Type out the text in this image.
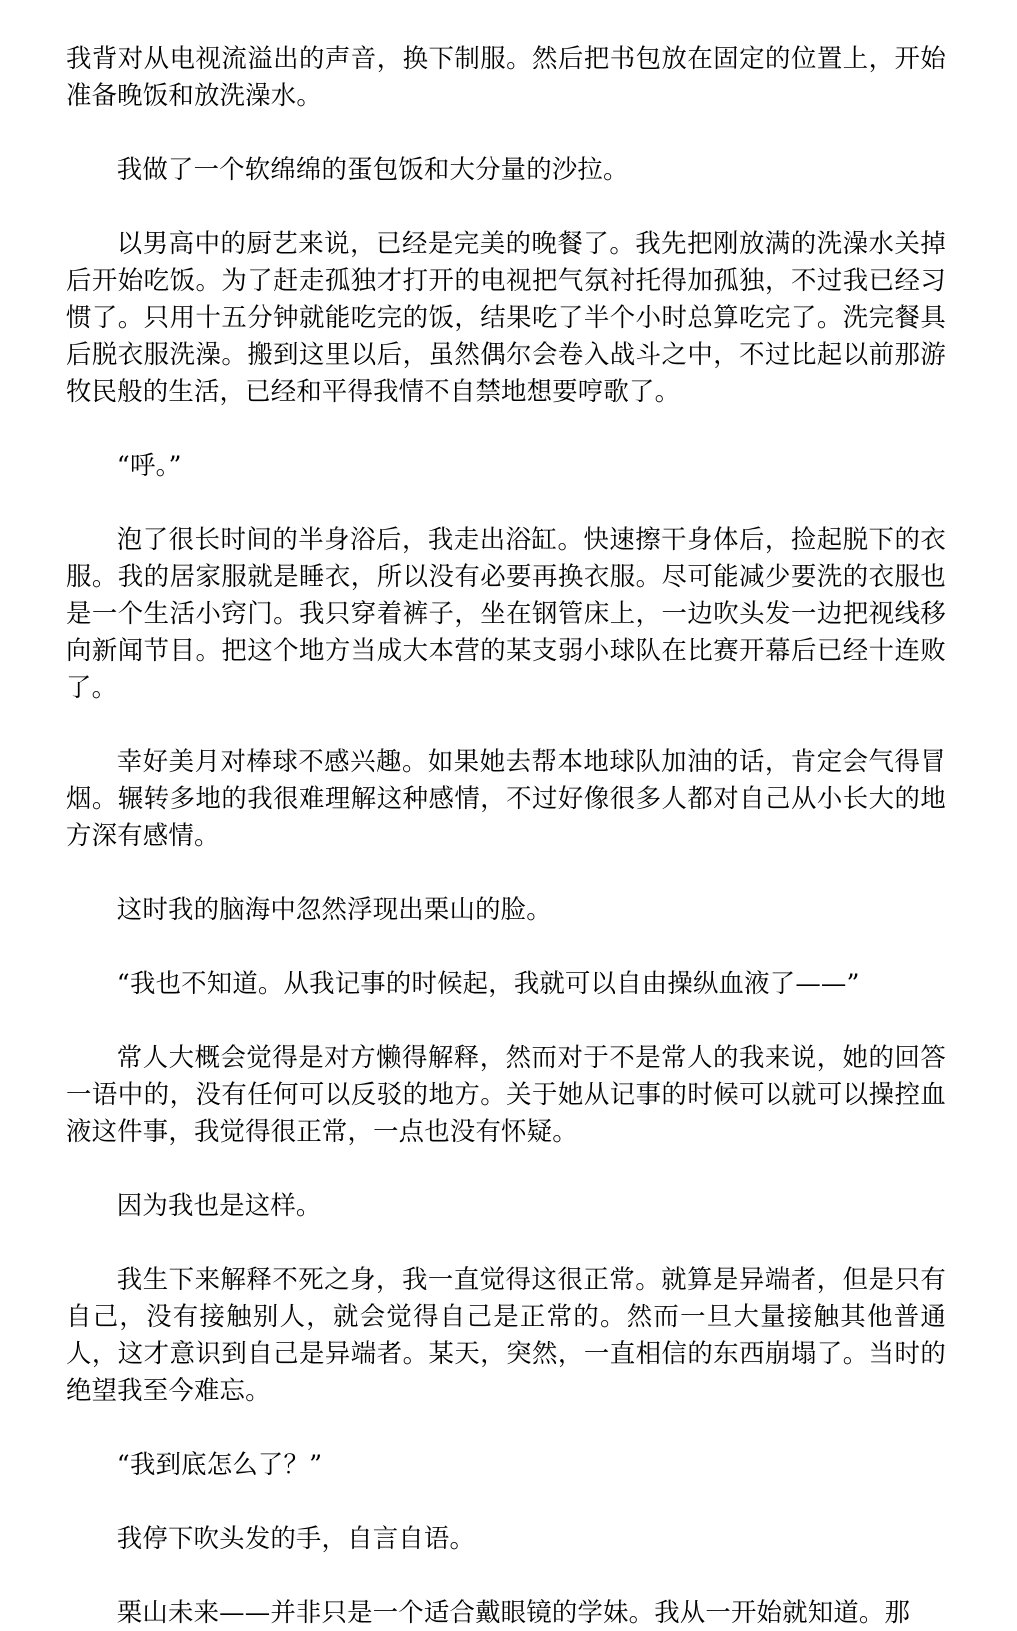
我背对从电视流溢出的声音，换下制服。然后把书包放在固定的位置上，开始准备晚饭和放洗澡水。

我做了一个软绵绵的蛋包饭和大分量的沙拉。

以男高中的厨艺来说，已经是完美的晚餐了。我先把刚放满的洗澡水关掉后开始吃饭。为了赶走孤独才打开的电视把气氛衬托得加孤独，不过我已经习惯了。只用十五分钟就能吃完的饭，结果吃了半个小时总算吃完了。洗完餐具后脱衣服洗澡。搬到这里以后，虽然偶尔会卷入战斗之中，不过比起以前那游牧民般的生活，已经和平得我情不自禁地想要哼歌了。

“呼。”

泡了很长时间的半身浴后，我走出浴缸。快速擦干身体后，捡起脱下的衣服。我的居家服就是睡衣，所以没有必要再换衣服。尽可能减少要洗的衣服也是一个生活小窍门。我只穿着裤子，坐在钢管床上，一边吹头发一边把视线移向新闻节目。把这个地方当成大本营的某支弱小球队在比赛开幕后已经十连败了。

幸好美月对棒球不感兴趣。如果她去帮本地球队加油的话，肯定会气得冒烟。辗转多地的我很难理解这种感情，不过好像很多人都对自己从小长大的地方深有感情。

这时我的脑海中忽然浮现出栗山的脸。

“我也不知道。从我记事的时候起，我就可以自由操纵血液了——”

常人大概会觉得是对方懒得解释，然而对于不是常人的我来说，她的回答一语中的，没有任何可以反驳的地方。关于她从记事的时候可以就可以操控血液这件事，我觉得很正常，一点也没有怀疑。

因为我也是这样。

我生下来解释不死之身，我一直觉得这很正常。就算是异端者，但是只有自己，没有接触别人，就会觉得自己是正常的。然而一旦大量接触其他普通人，这才意识到自己是异端者。某天，突然，一直相信的东西崩塌了。当时的绝望我至今难忘。

“我到底怎么了？”

我停下吹头发的手，自言自语。

栗山未来——并非只是一个适合戴眼镜的学妹。我从一开始就知道。那
